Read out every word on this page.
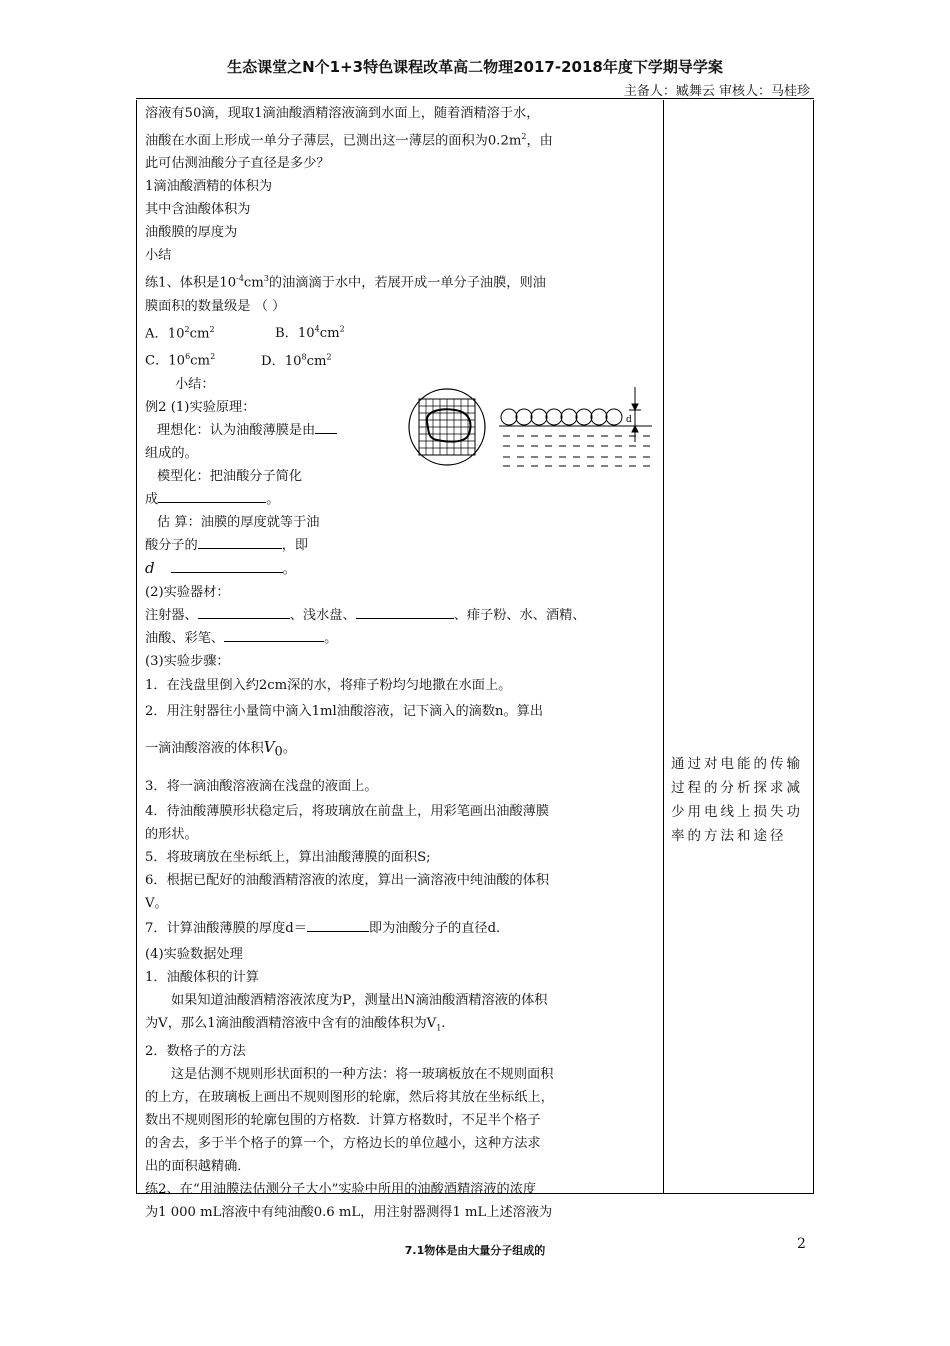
生态课堂之N个1+3特色课程改革高二物理2017-2018年度下学期导学案
主备人：臧舞云 审核人：马桂珍

溶液有50滴，现取1滴油酸酒精溶液滴到水面上，随着酒精溶于水，

油酸在水面上形成一单分子薄层，已测出这一薄层的面积为$0.2m^2$，由

此可估测油酸分子直径是多少？

1滴油酸酒精的体积为

其中含油酸体积为

油酸膜的厚度为

小结

练1、体积是$10^{-4}cm^3$的油滴滴于水中，若展开成一单分子油膜，则油

膜面积的数量级是 （ ）

A．$10^2cm^2$	B．$10^4cm^2$

C．$10^6cm^2$	D．$10^8cm^2$

小结：

例2 (1)实验原理：

理想化：认为油酸薄膜是由

组成的。

模型化：把油酸分子简化

成	。

估 算：油膜的厚度就等于油

酸分子的	，即

d	。

(2)实验器材：

注射器、	、浅水盘、	、痱子粉、水、酒精、

油酸、彩笔、	。

(3)实验步骤：

1．在浅盘里倒入约2cm深的水，将痱子粉均匀地撒在水面上。

2．用注射器往小量筒中滴入1ml油酸溶液，记下滴入的滴数n。算出

一滴油酸溶液的体积$V_0$。

3．将一滴油酸溶液滴在浅盘的液面上。

4．待油酸薄膜形状稳定后，将玻璃放在前盘上，用彩笔画出油酸薄膜

的形状。

5．将玻璃放在坐标纸上，算出油酸薄膜的面积S;

6．根据已配好的油酸酒精溶液的浓度，算出一滴溶液中纯油酸的体积

V。

7．计算油酸薄膜的厚度d＝	即为油酸分子的直径d.

(4)实验数据处理

1．油酸体积的计算

如果知道油酸酒精溶液浓度为P，测量出N滴油酸酒精溶液的体积

为V，那么1滴油酸酒精溶液中含有的油酸体积为$V_1$.

2．数格子的方法

这是估测不规则形状面积的一种方法：将一玻璃板放在不规则面积

的上方，在玻璃板上画出不规则图形的轮廓，然后将其放在坐标纸上，

数出不规则图形的轮廓包围的方格数．计算方格数时，不足半个格子

的舍去，多于半个格子的算一个，方格边长的单位越小，这种方法求

出的面积越精确．

练2、在“用油膜法估测分子大小”实验中所用的油酸酒精溶液的浓度

为1 000 mL溶液中有纯油酸0.6 mL，用注射器测得1 mL上述溶液为

通过对电能的传输过程的分析探求减少用电线上损失功率的方法和途径
d
7.1物体是由大量分子组成的	2
